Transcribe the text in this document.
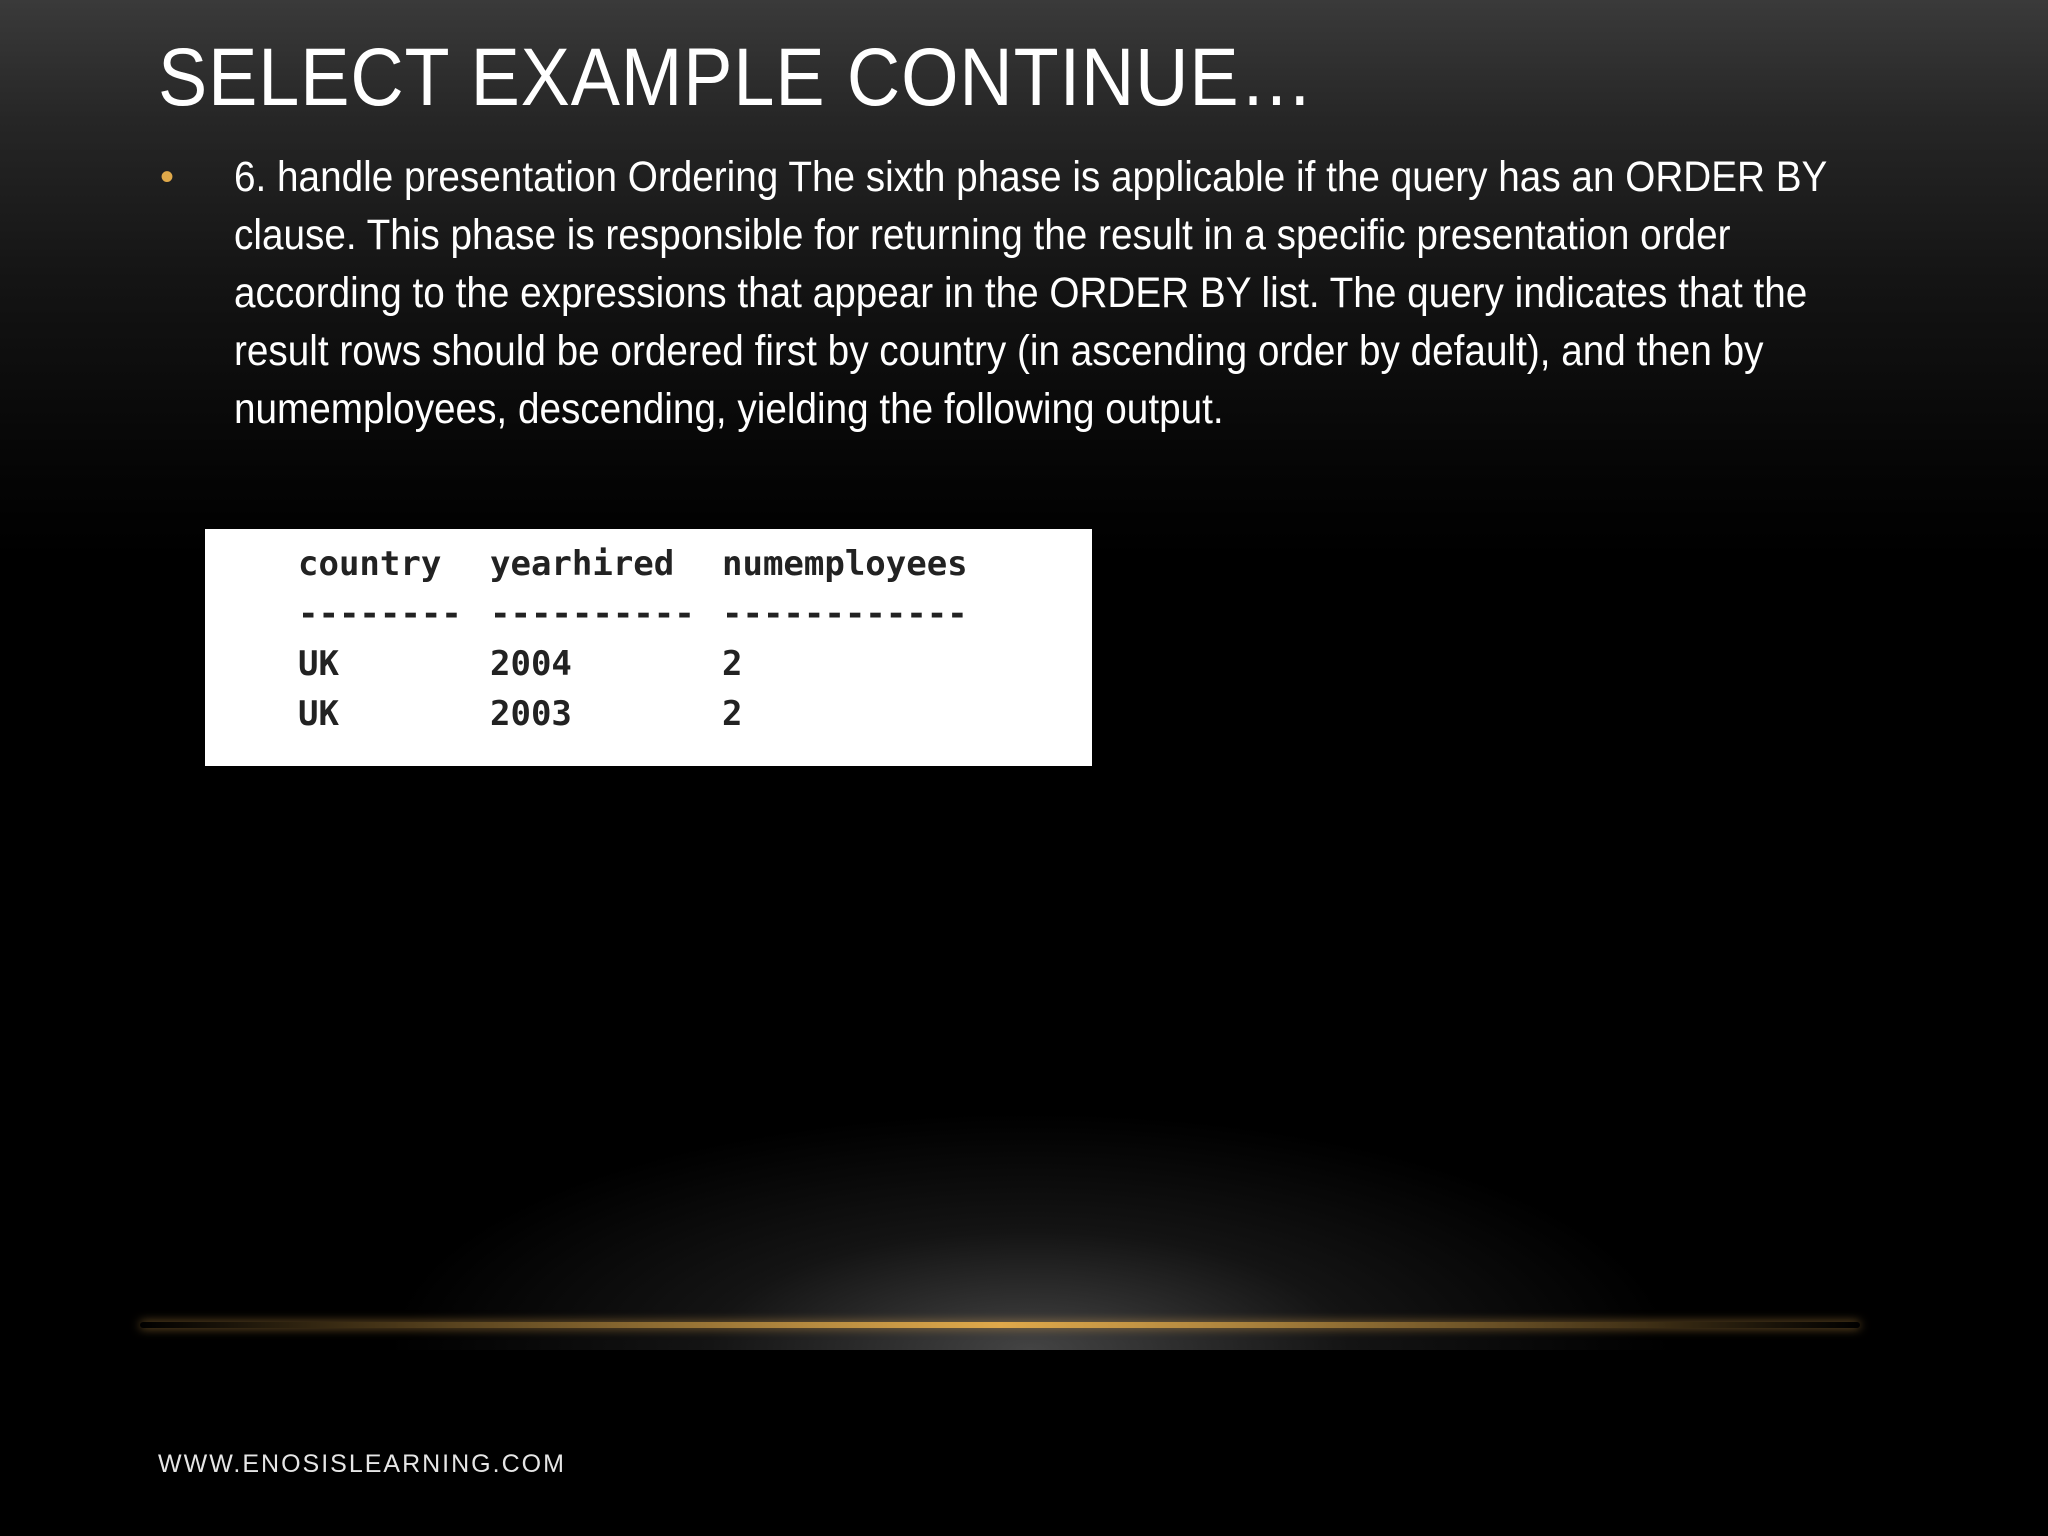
SELECT EXAMPLE CONTINUE…
• 6. handle presentation Ordering The sixth phase is applicable if the query has an ORDER BY clause. This phase is responsible for returning the result in a specific presentation order according to the expressions that appear in the ORDER BY list. The query indicates that the result rows should be ordered first by country (in ascending order by default), and then by numemployees, descending, yielding the following output.
country	yearhired	numemployees
--------	----------	------------
UK	2004	2
UK	2003	2
WWW.ENOSISLEARNING.COM
